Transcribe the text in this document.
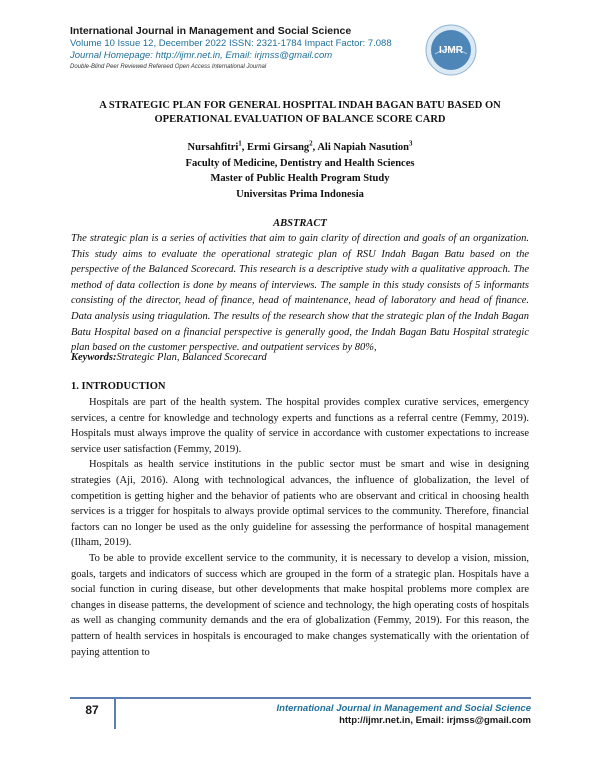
International Journal in Management and Social Science
Volume 10 Issue 12, December 2022 ISSN: 2321-1784 Impact Factor: 7.088
Journal Homepage: http://ijmr.net.in, Email: irjmss@gmail.com
Double-Blind Peer Reviewed Refereed Open Access International Journal
IJMR
A STRATEGIC PLAN FOR GENERAL HOSPITAL INDAH BAGAN BATU BASED ON
OPERATIONAL EVALUATION OF BALANCE SCORE CARD
Nursahfitri$^1$, Ermi Girsang$^2$, Ali Napiah Nasution$^3$
Faculty of Medicine, Dentistry and Health Sciences
Master of Public Health Program Study
Universitas Prima Indonesia
ABSTRACT
The strategic plan is a series of activities that aim to gain clarity of direction and goals of an organization. This study aims to evaluate the operational strategic plan of RSU Indah Bagan Batu based on the perspective of the Balanced Scorecard. This research is a descriptive study with a qualitative approach. The method of data collection is done by means of interviews. The sample in this study consists of 5 informants consisting of the director, head of finance, head of maintenance, head of laboratory and head of finance. Data analysis using triagulation. The results of the research show that the strategic plan of the Indah Bagan Batu Hospital based on a financial perspective is generally good, the Indah Bagan Batu Hospital strategic plan based on the customer perspective. and outpatient services by 80%,
Keywords:Strategic Plan, Balanced Scorecard
1. INTRODUCTION

Hospitals are part of the health system. The hospital provides complex curative services, emergency services, a centre for knowledge and technology experts and functions as a referral centre (Femmy, 2019). Hospitals must always improve the quality of service in accordance with customer expectations to increase service user satisfaction (Femmy, 2019).

Hospitals as health service institutions in the public sector must be smart and wise in designing strategies (Aji, 2016). Along with technological advances, the influence of globalization, the level of competition is getting higher and the behavior of patients who are observant and critical in choosing health services is a trigger for hospitals to always provide optimal services to the community. Therefore, financial factors can no longer be used as the only guideline for assessing the performance of hospital management (Ilham, 2019).

To be able to provide excellent service to the community, it is necessary to develop a vision, mission, goals, targets and indicators of success which are grouped in the form of a strategic plan. Hospitals have a social function in curing disease, but other developments that make hospital problems more complex are changes in disease patterns, the development of science and technology, the high operating costs of hospitals as well as changing community demands and the era of globalization (Femmy, 2019). For this reason, the pattern of health services in hospitals is encouraged to make changes systematically with the orientation of paying attention to

87	International Journal in Management and Social Science
http://ijmr.net.in, Email: irjmss@gmail.com
